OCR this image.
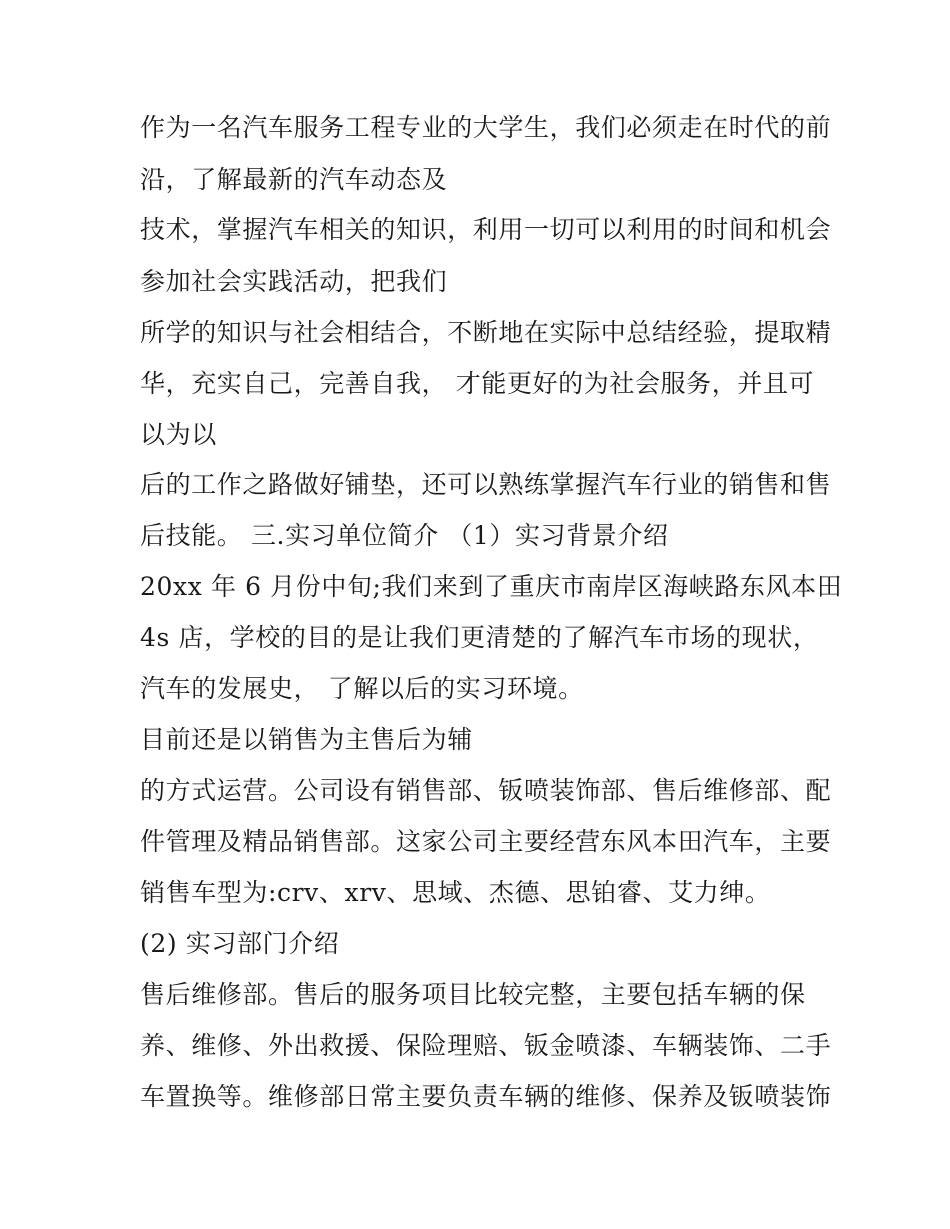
作为一名汽车服务工程专业的大学生，我们必须走在时代的前

沿，了解最新的汽车动态及

技术，掌握汽车相关的知识，利用一切可以利用的时间和机会

参加社会实践活动，把我们

所学的知识与社会相结合，不断地在实际中总结经验，提取精

华，充实自己，完善自我， 才能更好的为社会服务，并且可

以为以

后的工作之路做好铺垫，还可以熟练掌握汽车行业的销售和售

后技能。 三.实习单位简介 （1）实习背景介绍

20xx 年 6 月份中旬;我们来到了重庆市南岸区海峡路东风本田

4s 店，学校的目的是让我们更清楚的了解汽车市场的现状，

汽车的发展史， 了解以后的实习环境。

目前还是以销售为主售后为辅

的方式运营。公司设有销售部、钣喷装饰部、售后维修部、配

件管理及精品销售部。这家公司主要经营东风本田汽车，主要

销售车型为:crv、xrv、思域、杰德、思铂睿、艾力绅。

(2) 实习部门介绍

售后维修部。售后的服务项目比较完整，主要包括车辆的保

养、维修、外出救援、保险理赔、钣金喷漆、车辆装饰、二手

车置换等。维修部日常主要负责车辆的维修、保养及钣喷装饰
